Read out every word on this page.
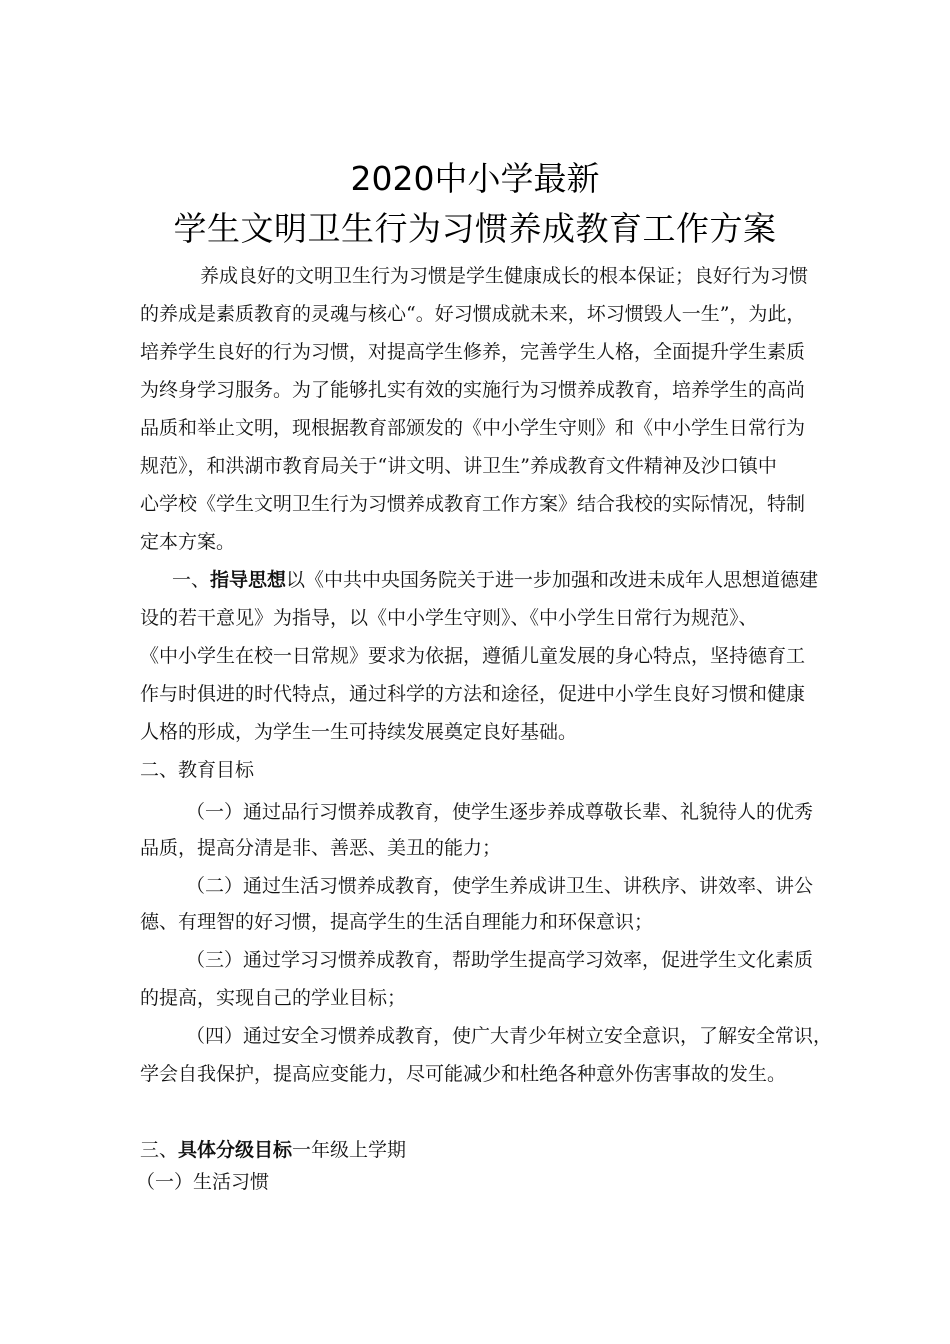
2020中小学最新
学生文明卫生行为习惯养成教育工作方案
养成良好的文明卫生行为习惯是学生健康成长的根本保证；良好行为习惯
的养成是素质教育的灵魂与核心“。好习惯成就未来，坏习惯毁人一生”，为此，
培养学生良好的行为习惯，对提高学生修养，完善学生人格，全面提升学生素质
为终身学习服务。为了能够扎实有效的实施行为习惯养成教育，培养学生的高尚
品质和举止文明，现根据教育部颁发的《中小学生守则》和《中小学生日常行为
规范》，和洪湖市教育局关于“讲文明、讲卫生”养成教育文件精神及沙口镇中
心学校《学生文明卫生行为习惯养成教育工作方案》结合我校的实际情况，特制
定本方案。
一、指导思想以《中共中央国务院关于进一步加强和改进未成年人思想道德建
设的若干意见》为指导，以《中小学生守则》、《中小学生日常行为规范》、
《中小学生在校一日常规》要求为依据，遵循儿童发展的身心特点，坚持德育工
作与时俱进的时代特点，通过科学的方法和途径，促进中小学生良好习惯和健康
人格的形成，为学生一生可持续发展奠定良好基础。
二、教育目标
（一）通过品行习惯养成教育，使学生逐步养成尊敬长辈、礼貌待人的优秀
品质，提高分清是非、善恶、美丑的能力；
（二）通过生活习惯养成教育，使学生养成讲卫生、讲秩序、讲效率、讲公
德、有理智的好习惯，提高学生的生活自理能力和环保意识；
（三）通过学习习惯养成教育，帮助学生提高学习效率，促进学生文化素质
的提高，实现自己的学业目标；
（四）通过安全习惯养成教育，使广大青少年树立安全意识，了解安全常识，
学会自我保护，提高应变能力，尽可能减少和杜绝各种意外伤害事故的发生。
三、具体分级目标一年级上学期
（一）生活习惯
